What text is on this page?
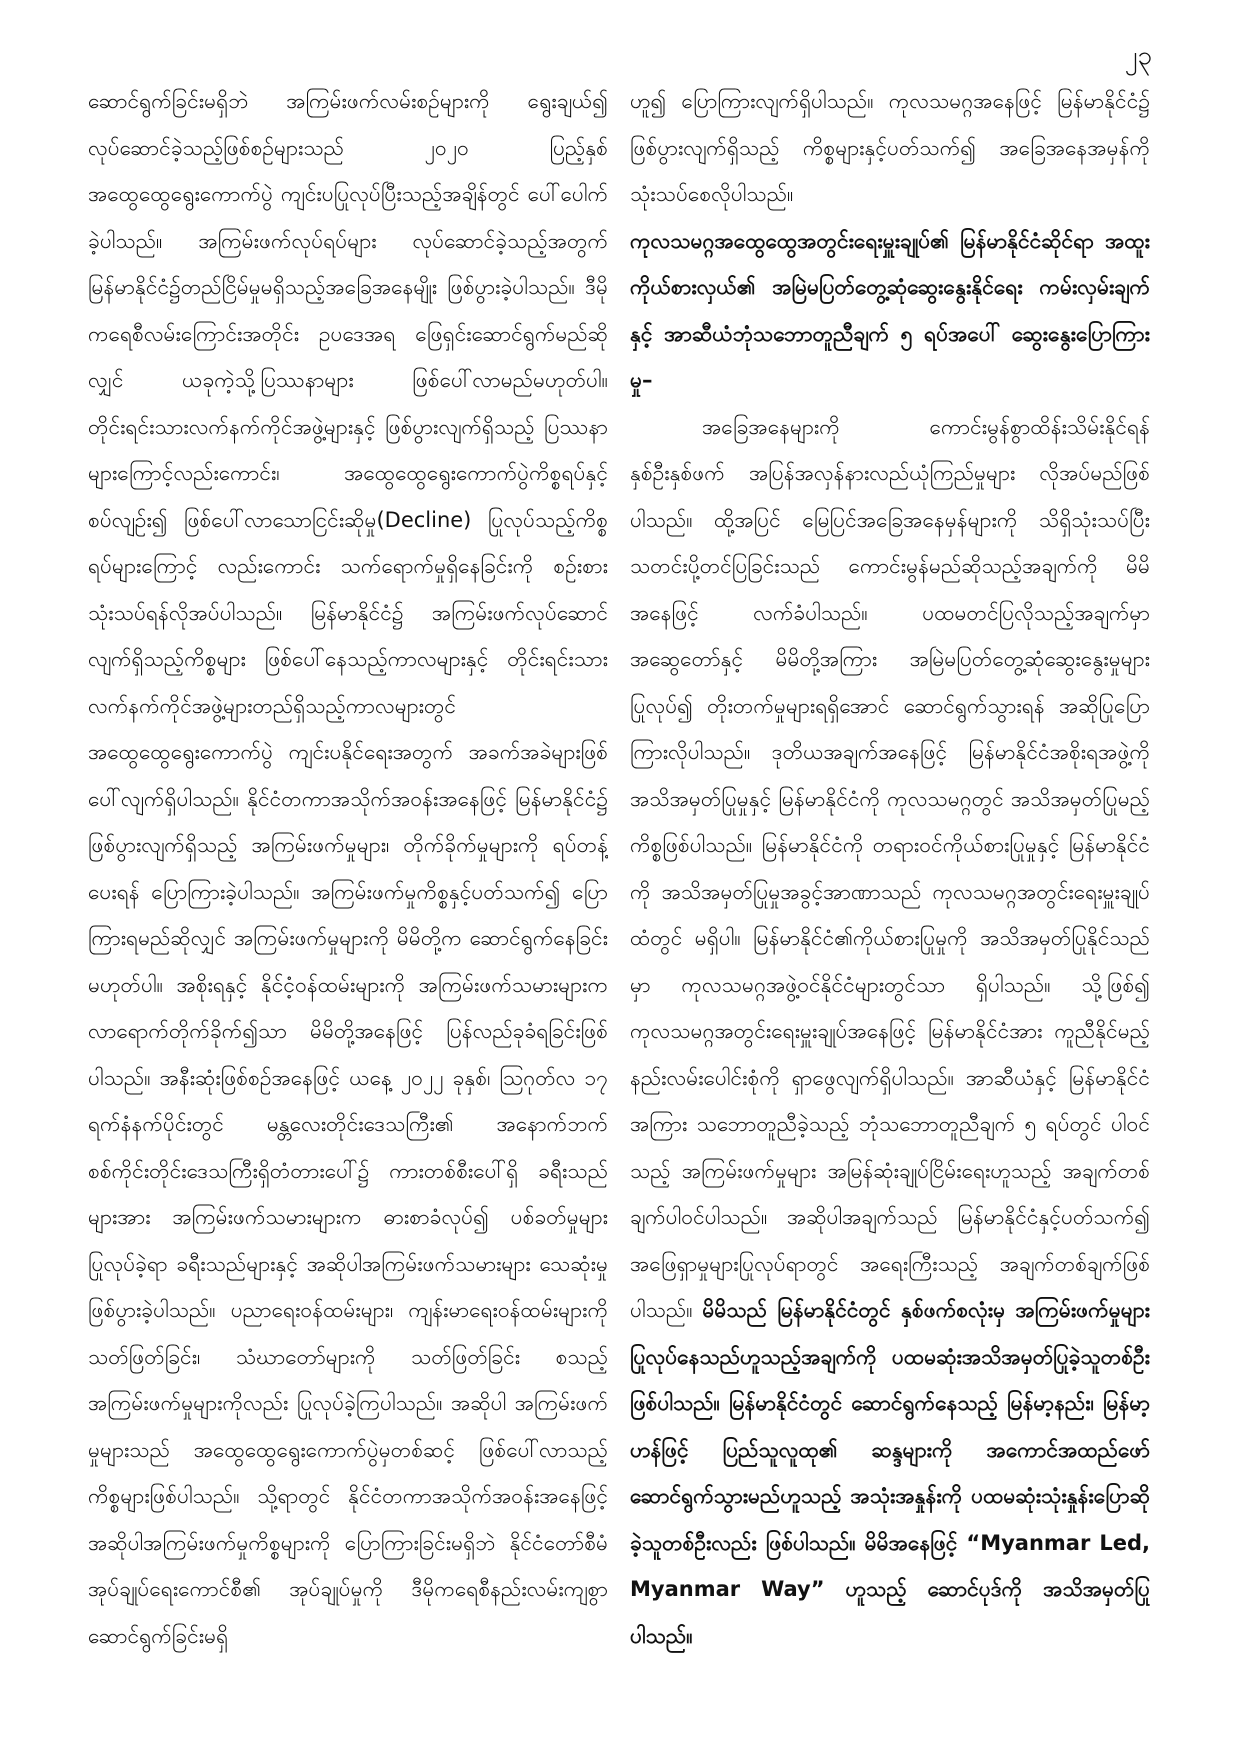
၂၃

ဆောင်ရွက်ခြင်းမရှိဘဲ အကြမ်းဖက်လမ်းစဉ်များကို ရွေးချယ်၍ လုပ်ဆောင်ခဲ့သည့်ဖြစ်စဉ်များသည် ၂၀၂၀ ပြည့်နှစ် အထွေထွေရွေးကောက်ပွဲ ကျင်းပပြုလုပ်ပြီးသည့်အချိန်တွင် ပေါ်ပေါက်ခဲ့ပါသည်။ အကြမ်းဖက်လုပ်ရပ်များ လုပ်ဆောင်ခဲ့သည့်အတွက် မြန်မာနိုင်ငံ၌တည်ငြိမ်မှုမရှိသည့်အခြေအနေမျိုး ဖြစ်ပွားခဲ့ပါသည်။ ဒီမိုကရေစီလမ်းကြောင်းအတိုင်း ဥပဒေအရ ဖြေရှင်းဆောင်ရွက်မည်ဆိုလျှင် ယခုကဲ့သို့ပြဿနာများ ဖြစ်ပေါ်လာမည်မဟုတ်ပါ။ တိုင်းရင်းသားလက်နက်ကိုင်အဖွဲ့များနှင့် ဖြစ်ပွားလျက်ရှိသည့် ပြဿနာများကြောင့်လည်းကောင်း၊ အထွေထွေရွေးကောက်ပွဲကိစ္စရပ်နှင့်စပ်လျဉ်း၍ ဖြစ်ပေါ်လာသောငြင်းဆိုမှု(Decline) ပြုလုပ်သည့်ကိစ္စရပ်များကြောင့် လည်းကောင်း သက်ရောက်မှုရှိနေခြင်းကို စဉ်းစားသုံးသပ်ရန်လိုအပ်ပါသည်။ မြန်မာနိုင်ငံ၌ အကြမ်းဖက်လုပ်ဆောင်လျက်ရှိသည့်ကိစ္စများ ဖြစ်ပေါ်နေသည့်ကာလများနှင့် တိုင်းရင်းသားလက်နက်ကိုင်အဖွဲ့များတည်ရှိသည့်ကာလများတွင် အထွေထွေရွေးကောက်ပွဲ ကျင်းပနိုင်ရေးအတွက် အခက်အခဲများဖြစ်ပေါ်လျက်ရှိပါသည်။ နိုင်ငံတကာအသိုက်အဝန်းအနေဖြင့် မြန်မာနိုင်ငံ၌ ဖြစ်ပွားလျက်ရှိသည့် အကြမ်းဖက်မှုများ၊ တိုက်ခိုက်မှုများကို ရပ်တန့်ပေးရန် ပြောကြားခဲ့ပါသည်။ အကြမ်းဖက်မှုကိစ္စနှင့်ပတ်သက်၍ ပြောကြားရမည်ဆိုလျှင် အကြမ်းဖက်မှုများကို မိမိတို့က ဆောင်ရွက်နေခြင်းမဟုတ်ပါ။ အစိုးရနှင့် နိုင်ငံ့ဝန်ထမ်းများကို အကြမ်းဖက်သမားများက လာရောက်တိုက်ခိုက်၍သာ မိမိတို့အနေဖြင့် ပြန်လည်ခုခံရခြင်းဖြစ်ပါသည်။ အနီးဆုံးဖြစ်စဉ်အနေဖြင့် ယနေ့ ၂၀၂၂ ခုနှစ်၊ ဩဂုတ်လ ၁၇ ရက်နံနက်ပိုင်းတွင် မန္တလေးတိုင်းဒေသကြီး၏ အနောက်ဘက် စစ်ကိုင်းတိုင်းဒေသကြီးရှိတံတားပေါ်၌ ကားတစ်စီးပေါ်ရှိ ခရီးသည်များအား အကြမ်းဖက်သမားများက ဓားစာခံလုပ်၍ ပစ်ခတ်မှုများ ပြုလုပ်ခဲ့ရာ ခရီးသည်များနှင့် အဆိုပါအကြမ်းဖက်သမားများ သေဆုံးမှုဖြစ်ပွားခဲ့ပါသည်။ ပညာရေးဝန်ထမ်းများ၊ ကျန်းမာရေးဝန်ထမ်းများကို သတ်ဖြတ်ခြင်း၊ သံဃာတော်များကို သတ်ဖြတ်ခြင်း စသည့် အကြမ်းဖက်မှုများကိုလည်း ပြုလုပ်ခဲ့ကြပါသည်။ အဆိုပါ အကြမ်းဖက်မှုများသည် အထွေထွေရွေးကောက်ပွဲမှတစ်ဆင့် ဖြစ်ပေါ်လာသည့် ကိစ္စများဖြစ်ပါသည်။ သို့ရာတွင် နိုင်ငံတကာအသိုက်အဝန်းအနေဖြင့် အဆိုပါအကြမ်းဖက်မှုကိစ္စများကို ပြောကြားခြင်းမရှိဘဲ နိုင်ငံတော်စီမံအုပ်ချုပ်ရေးကောင်စီ၏ အုပ်ချုပ်မှုကို ဒီမိုကရေစီနည်းလမ်းကျစွာ ဆောင်ရွက်ခြင်းမရှိ

ဟူ၍ ပြောကြားလျက်ရှိပါသည်။ ကုလသမဂ္ဂအနေဖြင့် မြန်မာနိုင်ငံ၌ ဖြစ်ပွားလျက်ရှိသည့် ကိစ္စများနှင့်ပတ်သက်၍ အခြေအနေအမှန်ကို သုံးသပ်စေလိုပါသည်။

ကုလသမဂ္ဂအထွေထွေအတွင်းရေးမှူးချုပ်၏ မြန်မာနိုင်ငံဆိုင်ရာ အထူးကိုယ်စားလှယ်၏ အမြဲမပြတ်တွေ့ဆုံဆွေးနွေးနိုင်ရေး ကမ်းလှမ်းချက်နှင့် အာဆီယံဘုံသဘောတူညီချက် ၅ ရပ်အပေါ် ဆွေးနွေးပြောကြားမှု–

အခြေအနေများကို ကောင်းမွန်စွာထိန်းသိမ်းနိုင်ရန် နှစ်ဦးနှစ်ဖက် အပြန်အလှန်နားလည်ယုံကြည်မှုများ လိုအပ်မည်ဖြစ်ပါသည်။ ထို့အပြင် မြေပြင်အခြေအနေမှန်များကို သိရှိသုံးသပ်ပြီး သတင်းပို့တင်ပြခြင်းသည် ကောင်းမွန်မည်ဆိုသည့်အချက်ကို မိမိအနေဖြင့် လက်ခံပါသည်။ ပထမတင်ပြလိုသည့်အချက်မှာ အဆွေတော်နှင့် မိမိတို့အကြား အမြဲမပြတ်တွေ့ဆုံဆွေးနွေးမှုများ ပြုလုပ်၍ တိုးတက်မှုများရရှိအောင် ဆောင်ရွက်သွားရန် အဆိုပြုပြောကြားလိုပါသည်။ ဒုတိယအချက်အနေဖြင့် မြန်မာနိုင်ငံအစိုးရအဖွဲ့ကို အသိအမှတ်ပြုမှုနှင့် မြန်မာနိုင်ငံကို ကုလသမဂ္ဂတွင် အသိအမှတ်ပြုမည့်ကိစ္စဖြစ်ပါသည်။ မြန်မာနိုင်ငံကို တရားဝင်ကိုယ်စားပြုမှုနှင့် မြန်မာနိုင်ငံကို အသိအမှတ်ပြုမှုအခွင့်အာဏာသည် ကုလသမဂ္ဂအတွင်းရေးမှူးချုပ်ထံတွင် မရှိပါ။ မြန်မာနိုင်ငံ၏ကိုယ်စားပြုမှုကို အသိအမှတ်ပြုနိုင်သည်မှာ ကုလသမဂ္ဂအဖွဲ့ဝင်နိုင်ငံများတွင်သာ ရှိပါသည်။ သို့ဖြစ်၍ ကုလသမဂ္ဂအတွင်းရေးမှူးချုပ်အနေဖြင့် မြန်မာနိုင်ငံအား ကူညီနိုင်မည့်နည်းလမ်းပေါင်းစုံကို ရှာဖွေလျက်ရှိပါသည်။ အာဆီယံနှင့် မြန်မာနိုင်ငံအကြား သဘောတူညီခဲ့သည့် ဘုံသဘောတူညီချက် ၅ ရပ်တွင် ပါဝင်သည့် အကြမ်းဖက်မှုများ အမြန်ဆုံးချုပ်ငြိမ်းရေးဟူသည့် အချက်တစ်ချက်ပါဝင်ပါသည်။ အဆိုပါအချက်သည် မြန်မာနိုင်ငံနှင့်ပတ်သက်၍ အဖြေရှာမှုများပြုလုပ်ရာတွင် အရေးကြီးသည့် အချက်တစ်ချက်ဖြစ်ပါသည်။ မိမိသည် မြန်မာနိုင်ငံတွင် နှစ်ဖက်စလုံးမှ အကြမ်းဖက်မှုများ ပြုလုပ်နေသည်ဟူသည့်အချက်ကို ပထမဆုံးအသိအမှတ်ပြုခဲ့သူတစ်ဦးဖြစ်ပါသည်။ မြန်မာနိုင်ငံတွင် ဆောင်ရွက်နေသည့် မြန်မာ့နည်း၊ မြန်မာ့ဟန်ဖြင့် ပြည်သူလူထု၏ ဆန္ဒများကို အကောင်အထည်ဖော် ဆောင်ရွက်သွားမည်ဟူသည့် အသုံးအနှုန်းကို ပထမဆုံးသုံးနှုန်းပြောဆိုခဲ့သူတစ်ဦးလည်း ဖြစ်ပါသည်။ မိမိအနေဖြင့် “Myanmar Led, Myanmar Way” ဟူသည့် ဆောင်ပုဒ်ကို အသိအမှတ်ပြုပါသည်။
